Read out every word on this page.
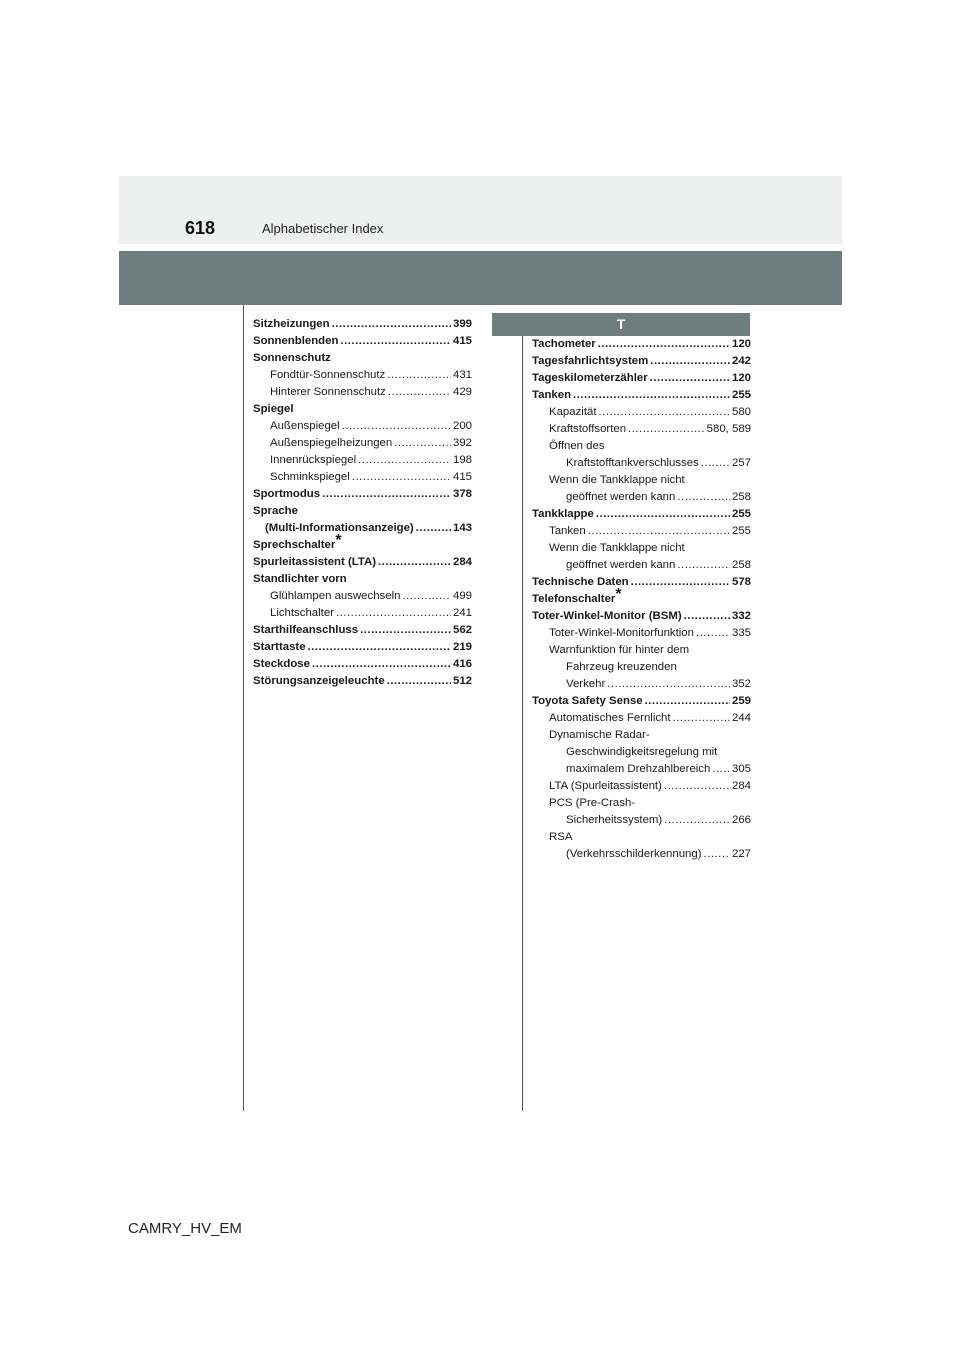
618	Alphabetischer Index
T
Sitzheizungen .....	399
Sonnenblenden .....	415
Sonnenschutz
Fondtür-Sonnenschutz .....	431
Hinterer Sonnenschutz .....	429
Spiegel
Außenspiegel .....	200
Außenspiegelheizungen .....	392
Innenrückspiegel .....	198
Schminkspiegel .....	415
Sportmodus .....	378
Sprache
(Multi-Informationsanzeige) .....	143
Sprechschalter*
Spurleitassistent (LTA) .....	284
Standlichter vorn
Glühlampen auswechseln .....	499
Lichtschalter .....	241
Starthilfeanschluss .....	562
Starttaste .....	219
Steckdose .....	416
Störungsanzeigeleuchte .....	512
Tachometer .....	120
Tagesfahrlichtsystem .....	242
Tageskilometerzähler .....	120
Tanken .....	255
Kapazität .....	580
Kraftstoffsorten .....	580, 589
Öffnen des
Kraftstofftankverschlusses .....	257
Wenn die Tankklappe nicht
geöffnet werden kann .....	258
Tankklappe .....	255
Tanken .....	255
Wenn die Tankklappe nicht
geöffnet werden kann .....	258
Technische Daten .....	578
Telefonschalter*
Toter-Winkel-Monitor (BSM) .....	332
Toter-Winkel-Monitorfunktion .....	335
Warnfunktion für hinter dem
Fahrzeug kreuzenden
Verkehr .....	352
Toyota Safety Sense .....	259
Automatisches Fernlicht .....	244
Dynamische Radar-
Geschwindigkeitsregelung mit
maximalem Drehzahlbereich ..... 305
LTA (Spurleitassistent) .....	284
PCS (Pre-Crash-
Sicherheitssystem) .....	266
RSA
(Verkehrsschilderkennung) .....	227
CAMRY_HV_EM
